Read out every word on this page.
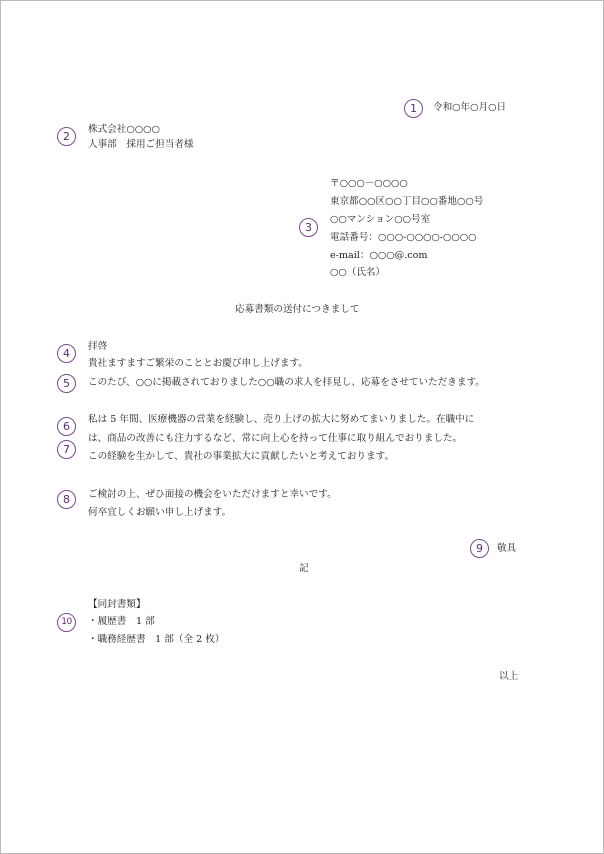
1
2
3
4
5
6
7
8
9
10
令和○年○月○日
株式会社○○○○
人事部　採用ご担当者様
〒○○○－○○○○
東京都○○区○○丁目○○番地○○号
○○マンション○○号室
電話番号：○○○-○○○○-○○○○
e-mail：○○○@.com
○○（氏名）
応募書類の送付につきまして
拝啓
貴社ますますご繁栄のこととお慶び申し上げます。
このたび、○○に掲載されておりました○○職の求人を拝見し、応募をさせていただきます。
私は 5 年間、医療機器の営業を経験し、売り上げの拡大に努めてまいりました。在職中に
は、商品の改善にも注力するなど、常に向上心を持って仕事に取り組んでおりました。
この経験を生かして、貴社の事業拡大に貢献したいと考えております。
ご検討の上、ぜひ面接の機会をいただけますと幸いです。
何卒宜しくお願い申し上げます。
敬具
記
【同封書類】
・履歴書　1 部
・職務経歴書　1 部（全 2 枚）
以上
